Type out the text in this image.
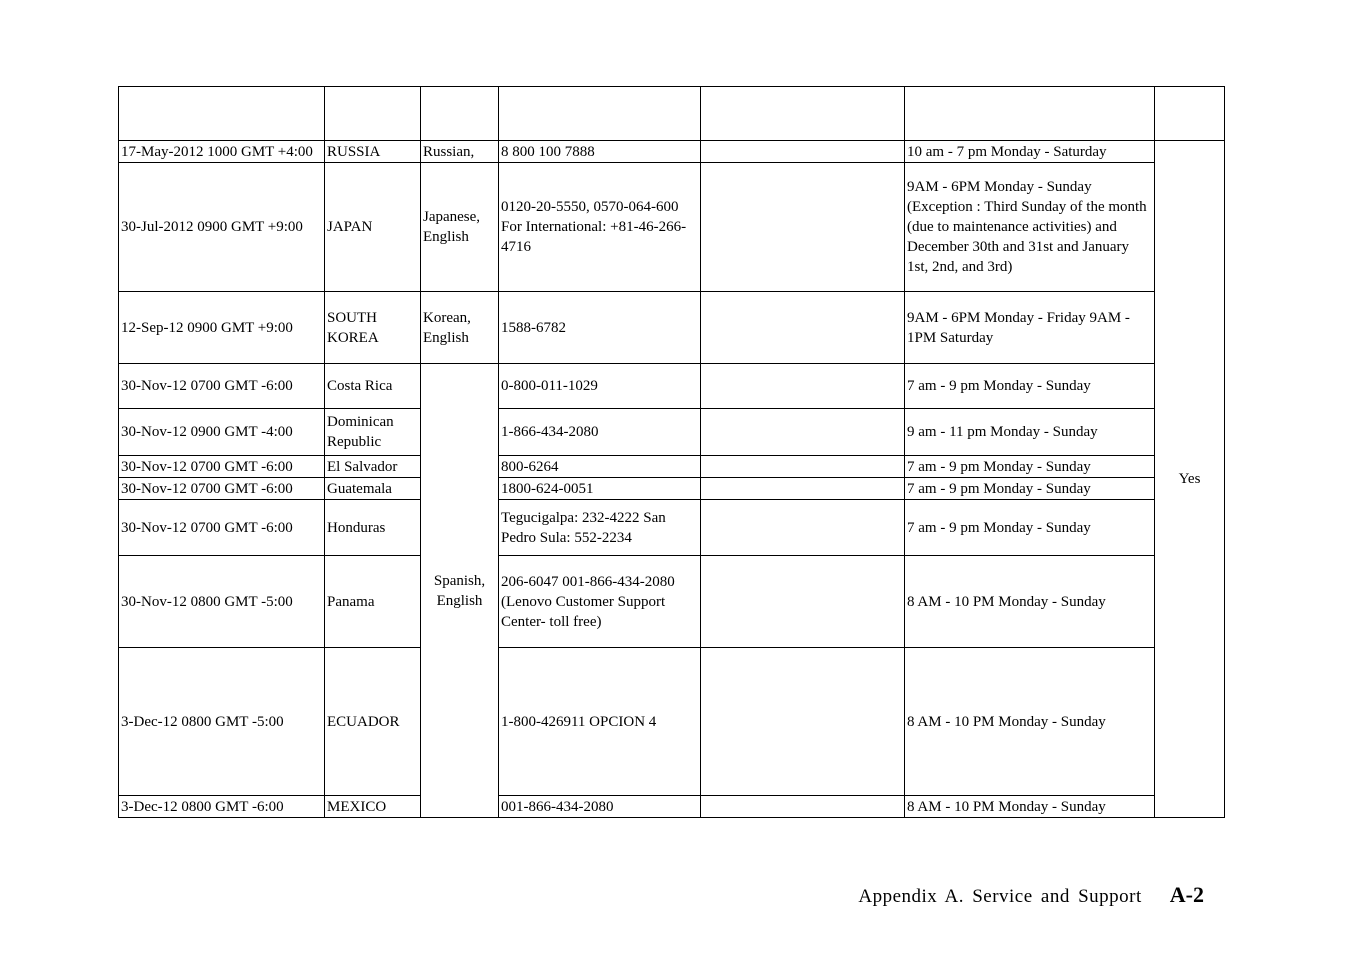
17-May-2012 1000 GMT +4:00	RUSSIA	Russian,	8 800 100 7888		10 am - 7 pm Monday - Saturday	Yes
30-Jul-2012 0900 GMT +9:00	JAPAN	Japanese, English	0120-20-5550, 0570-064-600 For International: +81-46-266-4716		9AM - 6PM Monday - Sunday (Exception : Third Sunday of the month (due to maintenance activities) and December 30th and 31st and January 1st, 2nd, and 3rd)	
12-Sep-12 0900 GMT +9:00	SOUTH KOREA	Korean, English	1588-6782		9AM - 6PM Monday - Friday 9AM - 1PM Saturday	
30-Nov-12 0700 GMT -6:00	Costa Rica	Spanish, English	0-800-011-1029		7 am - 9 pm Monday - Sunday	
30-Nov-12 0900 GMT -4:00	Dominican Republic		1-866-434-2080		9 am - 11 pm Monday - Sunday	
30-Nov-12 0700 GMT -6:00	El Salvador		800-6264		7 am - 9 pm Monday - Sunday	
30-Nov-12 0700 GMT -6:00	Guatemala		1800-624-0051		7 am - 9 pm Monday - Sunday	
30-Nov-12 0700 GMT -6:00	Honduras		Tegucigalpa: 232-4222 San Pedro Sula: 552-2234		7 am - 9 pm Monday - Sunday	
30-Nov-12 0800 GMT -5:00	Panama		206-6047 001-866-434-2080 (Lenovo Customer Support Center- toll free)		8 AM - 10 PM Monday - Sunday	
3-Dec-12 0800 GMT -5:00	ECUADOR		1-800-426911 OPCION 4		8 AM - 10 PM Monday - Sunday	
3-Dec-12 0800 GMT -6:00	MEXICO		001-866-434-2080		8 AM - 10 PM Monday - Sunday	
Appendix A. Service and Support A-2
